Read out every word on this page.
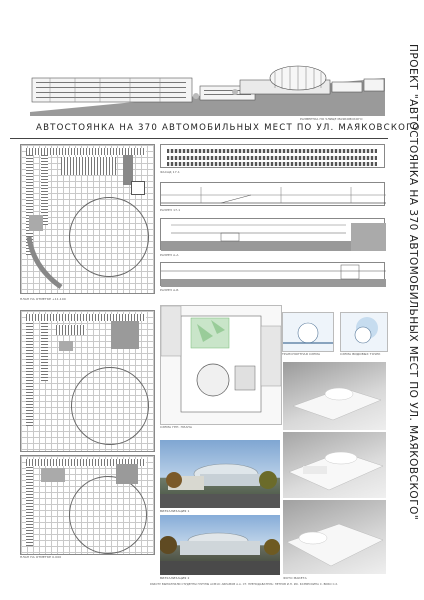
РАЗВЕРТКА ПО УЛИЦЕ МАЯКОВСКОГО	ПРОЕКТ "АВТОСТОЯНКА НА 370 АВТОМОБИЛЬНЫХ МЕСТ ПО УЛ. МАЯКОВСКОГО"
АВТОСТОЯНКА НА 370 АВТОМОБИЛЬНЫХ МЕСТ ПО УЛ. МАЯКОВСКОГО
ПЛАН НА ОТМЕТКЕ +11.100
ПЛАН НА ОТМЕТКЕ 0.000
ФАСАД 17-1
РАЗРЕЗ 17-1
РАЗРЕЗ А-А
РАЗРЕЗ А-Б
СХЕМА ГЕН. ПЛАНА
ТРАНСПОРТНАЯ СХЕМА	СХЕМА ВИДОВЫХ ТОЧЕК
ВИЗУАЛИЗАЦИЯ 1
ВИЗУАЛИЗАЦИЯ 2	ФОТО МАКЕТА
РАБОТУ ВЫПОЛНИЛИ СТУДЕНТЫ ГРУППЫ АСМ19: АБРАМОВ А.А. СТ. ПРЕПОДАВАТЕЛЬ: ПЕТРОВ И.П. ИО. РАЗМЕСКИНА С. ВИКО С.Х.
